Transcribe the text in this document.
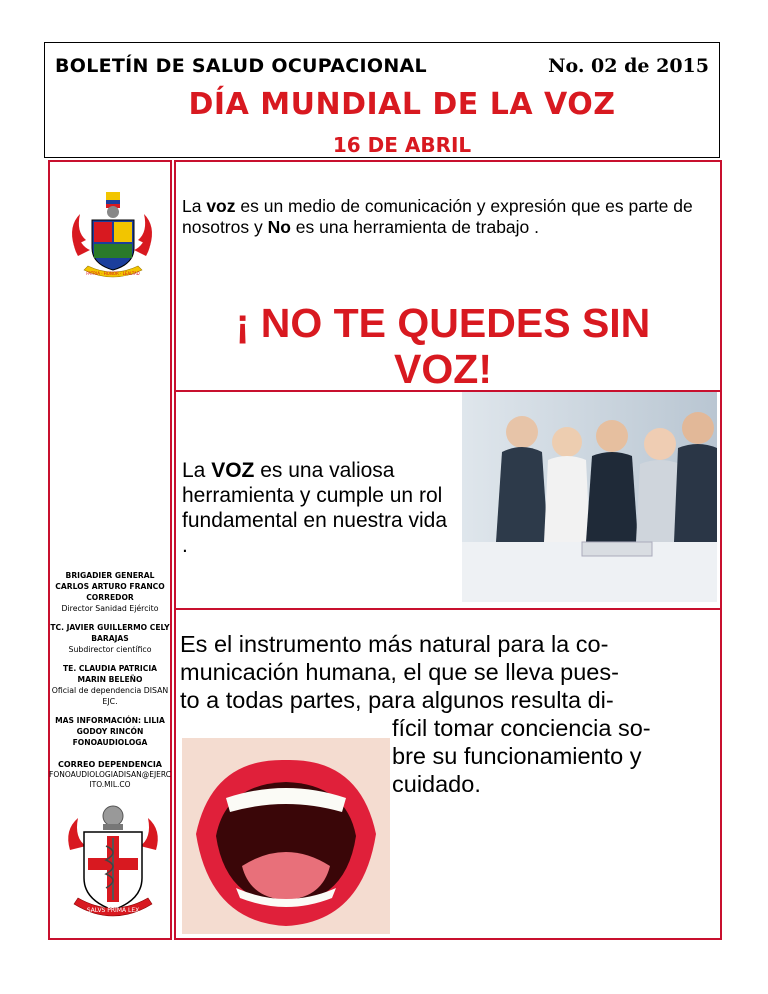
BOLETÍN DE SALUD OCUPACIONAL	No. 02 de 2015
DÍA MUNDIAL DE LA VOZ
16 DE ABRIL
PATRIA · HONOR · LEALTAD
BRIGADIER GENERAL CARLOS ARTURO FRANCO CORREDOR
Director Sanidad Ejército
TC. JAVIER GUILLERMO CELY BARAJAS
Subdirector científico
TE. CLAUDIA PATRICIA MARIN BELEÑO
Oficial de dependencia DISAN EJC.
MAS INFORMACIÓN: LILIA GODOY RINCÓN FONOAUDIOLOGA
CORREO DEPENDENCIA
FONOAUDIOLOGIADISAN@EJERCITO.MIL.CO
SALVS PRIMA LEX
La voz es un medio de comunicación y expresión que es parte de nosotros y No es una herramienta de trabajo .
¡ NO TE QUEDES SIN
VOZ!
La VOZ es una valiosa herramienta y cumple un rol fundamental en nuestra vida .
Es el instrumento más natural para la co-
municación humana, el que se lleva pues-
to a todas partes, para algunos resulta di-
fícil tomar conciencia so-
bre su funcionamiento y
cuidado.
